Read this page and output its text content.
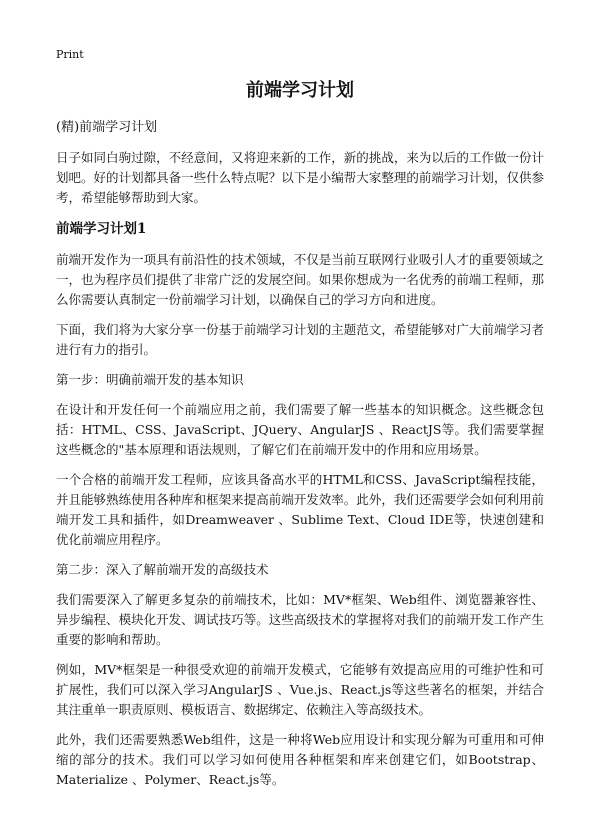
Print

前端学习计划

(精)前端学习计划

日子如同白驹过隙，不经意间，又将迎来新的工作，新的挑战，来为以后的工作做一份计划吧。好的计划都具备一些什么特点呢？以下是小编帮大家整理的前端学习计划，仅供参考，希望能够帮助到大家。

前端学习计划1

前端开发作为一项具有前沿性的技术领域，不仅是当前互联网行业吸引人才的重要领域之一，也为程序员们提供了非常广泛的发展空间。如果你想成为一名优秀的前端工程师，那么你需要认真制定一份前端学习计划，以确保自己的学习方向和进度。

下面，我们将为大家分享一份基于前端学习计划的主题范文，希望能够对广大前端学习者进行有力的指引。

第一步：明确前端开发的基本知识

在设计和开发任何一个前端应用之前，我们需要了解一些基本的知识概念。这些概念包括：HTML、CSS、JavaScript、JQuery、AngularJS 、ReactJS等。我们需要掌握这些概念的"基本原理和语法规则，了解它们在前端开发中的作用和应用场景。

一个合格的前端开发工程师，应该具备高水平的HTML和CSS、JavaScript编程技能，并且能够熟练使用各种库和框架来提高前端开发效率。此外，我们还需要学会如何利用前端开发工具和插件，如Dreamweaver 、Sublime Text、Cloud IDE等，快速创建和优化前端应用程序。

第二步：深入了解前端开发的高级技术

我们需要深入了解更多复杂的前端技术，比如：MV*框架、Web组件、浏览器兼容性、异步编程、模块化开发、调试技巧等。这些高级技术的掌握将对我们的前端开发工作产生重要的影响和帮助。

例如，MV*框架是一种很受欢迎的前端开发模式，它能够有效提高应用的可维护性和可扩展性，我们可以深入学习AngularJS 、Vue.js、React.js等这些著名的框架，并结合其注重单一职责原则、模板语言、数据绑定、依赖注入等高级技术。

此外，我们还需要熟悉Web组件，这是一种将Web应用设计和实现分解为可重用和可伸缩的部分的技术。我们可以学习如何使用各种框架和库来创建它们，如Bootstrap、Materialize 、Polymer、React.js等。
